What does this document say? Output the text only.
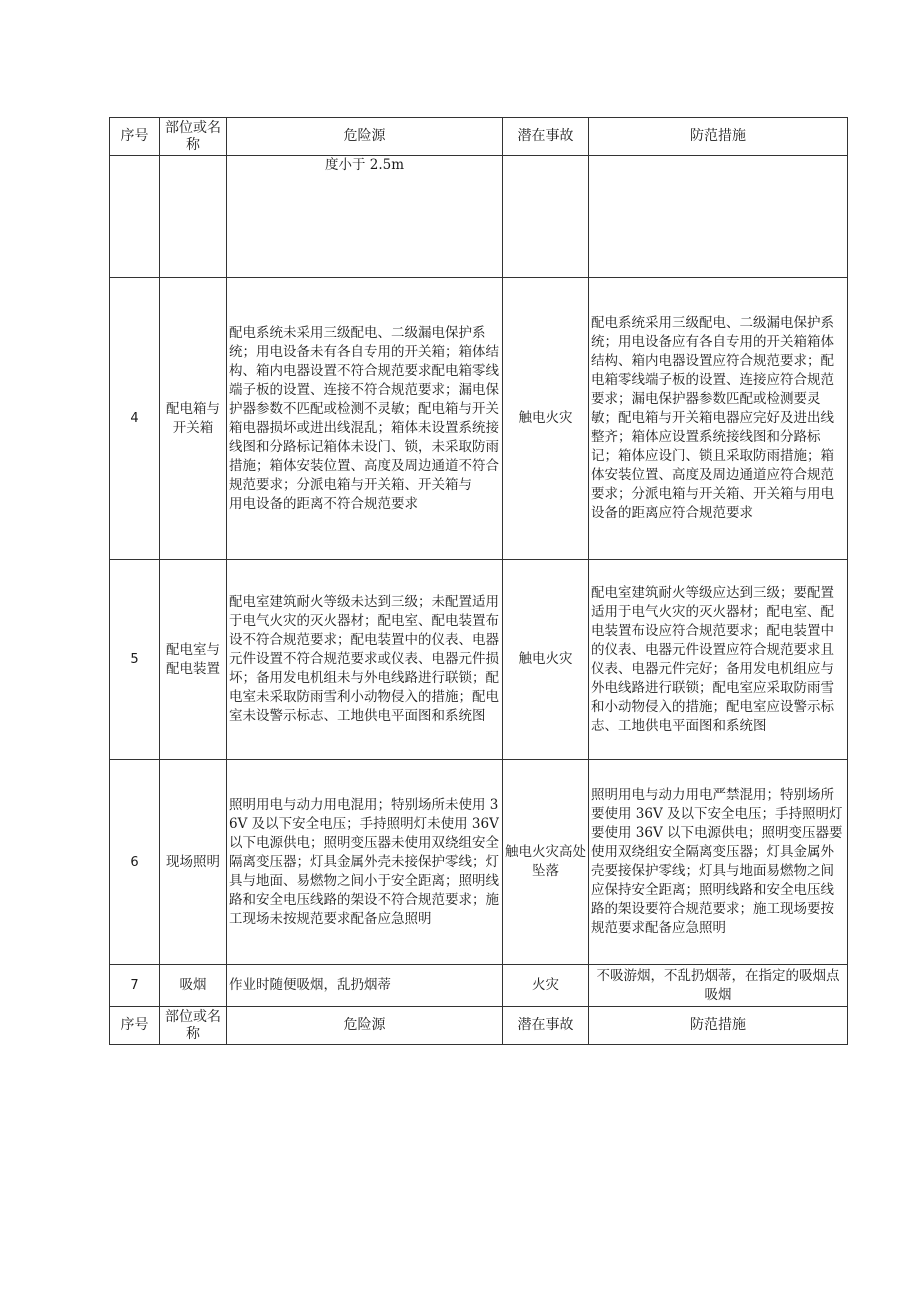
序号	部位或名称	危险源	潜在事故	防范措施
		度小于 2.5m		
4	配电箱与开关箱	配电系统未采用三级配电、二级漏电保护系统；用电设备未有各自专用的开关箱；箱体结构、箱内电器设置不符合规范要求配电箱零线端子板的设置、连接不符合规范要求；漏电保护器参数不匹配或检测不灵敏；配电箱与开关箱电器损坏或进出线混乱；箱体未设置系统接线图和分路标记箱体未设门、锁，未采取防雨措施；箱体安装位置、高度及周边通道不符合规范要求；分派电箱与开关箱、开关箱与
用电设备的距离不符合规范要求	触电火灾	配电系统采用三级配电、二级漏电保护系统；用电设备应有各自专用的开关箱箱体结构、箱内电器设置应符合规范要求；配电箱零线端子板的设置、连接应符合规范要求；漏电保护器参数匹配或检测要灵敏；配电箱与开关箱电器应完好及进出线整齐；箱体应设置系统接线图和分路标记；箱体应设门、锁且采取防雨措施；箱体安装位置、高度及周边通道应符合规范要求；分派电箱与开关箱、开关箱与用电设备的距离应符合规范要求
5	配电室与配电装置	配电室建筑耐火等级未达到三级；未配置适用于电气火灾的灭火器材；配电室、配电装置布设不符合规范要求；配电装置中的仪表、电器元件设置不符合规范要求或仪表、电器元件损坏；备用发电机组未与外电线路进行联锁；配电室未采取防雨雪利小动物侵入的措施；配电室未设警示标志、工地供电平面图和系统图	触电火灾	配电室建筑耐火等级应达到三级；要配置适用于电气火灾的灭火器材；配电室、配电装置布设应符合规范要求；配电装置中的仪表、电器元件设置应符合规范要求且仪表、电器元件完好；备用发电机组应与外电线路进行联锁；配电室应采取防雨雪和小动物侵入的措施；配电室应设警示标志、工地供电平面图和系统图
6	现场照明	照明用电与动力用电混用；特别场所未使用 36V 及以下安全电压；手持照明灯未使用 36V 以下电源供电；照明变压器未使用双绕组安全隔离变压器；灯具金属外壳未接保护零线；灯具与地面、易燃物之间小于安全距离；照明线路和安全电压线路的架设不符合规范要求；施工现场未按规范要求配备应急照明	触电火灾高处坠落	照明用电与动力用电严禁混用；特别场所要使用 36V 及以下安全电压；手持照明灯要使用 36V 以下电源供电；照明变压器要使用双绕组安全隔离变压器；灯具金属外壳要接保护零线；灯具与地面易燃物之间应保持安全距离；照明线路和安全电压线路的架设要符合规范要求；施工现场要按规范要求配备应急照明
7	吸烟	作业时随便吸烟，乱扔烟蒂	火灾	不吸游烟，不乱扔烟蒂，在指定的吸烟点吸烟
序号	部位或名称	危险源	潜在事故	防范措施
